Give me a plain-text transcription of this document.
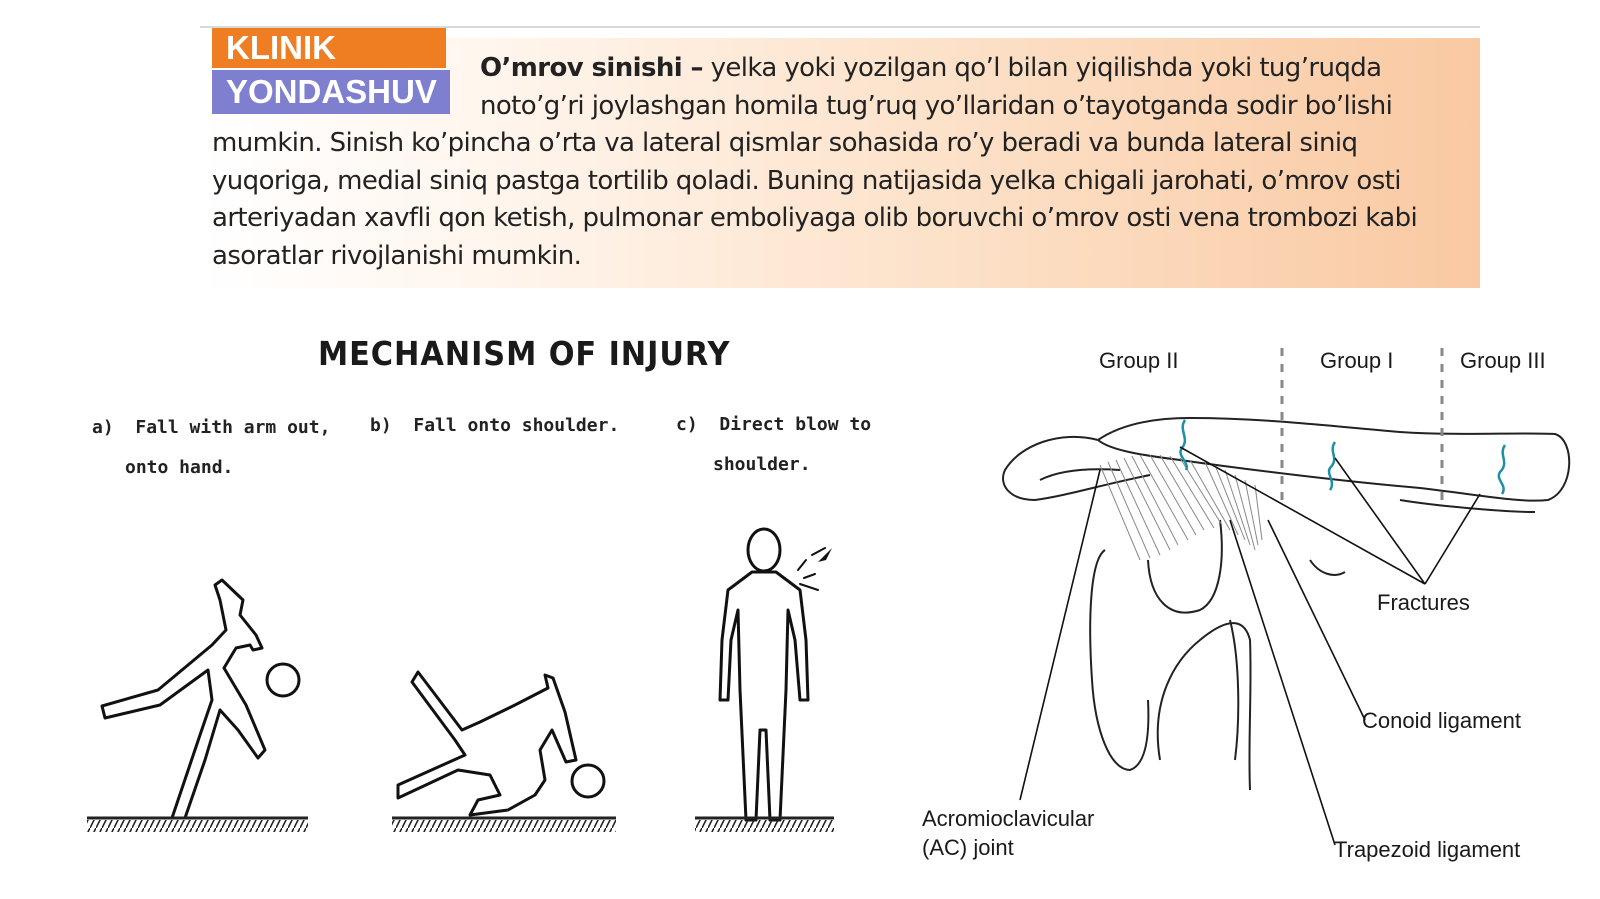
KLINIK
YONDASHUV
O’mrov sinishi – yelka yoki yozilgan qo’l bilan yiqilishda yoki tug’ruqda noto’g’ri joylashgan homila tug’ruq yo’llaridan o’tayotganda sodir bo’lishi mumkin. Sinish ko’pincha o’rta va lateral qismlar sohasida ro’y beradi va bunda lateral siniq yuqoriga, medial siniq pastga tortilib qoladi. Buning natijasida yelka chigali jarohati, o’mrov osti arteriyadan xavfli qon ketish, pulmonar emboliyaga olib boruvchi o’mrov osti vena trombozi kabi asoratlar rivojlanishi mumkin.
MECHANISM OF INJURY
a) Fall with arm out,
onto hand.
b) Fall onto shoulder.	c) Direct blow to
shoulder.
Group II	Group I	Group III
Fractures
Conoid ligament
Acromioclavicular
(AC) joint	Trapezoid ligament
